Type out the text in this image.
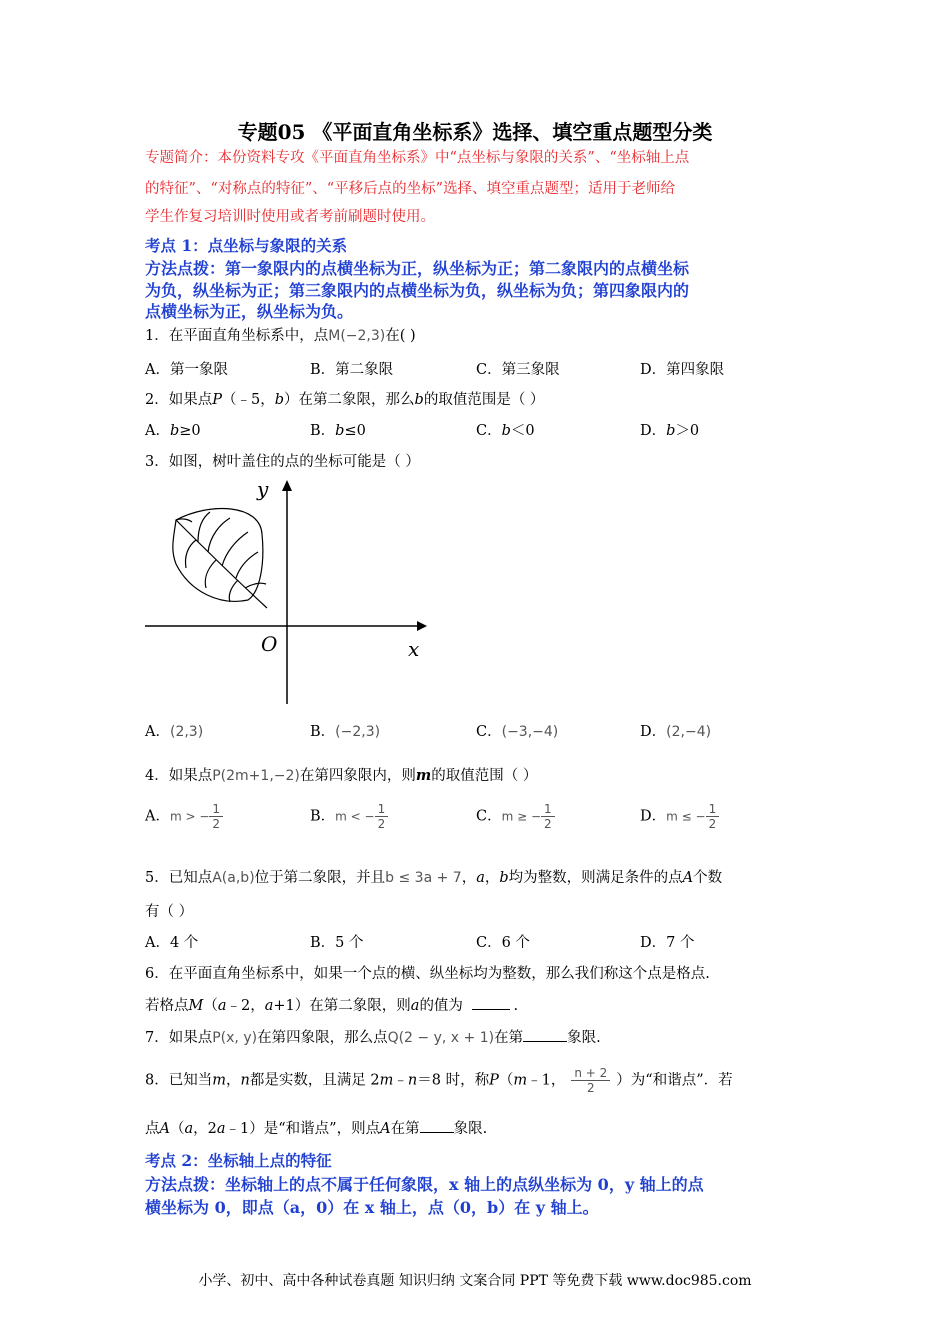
专题05 《平面直角坐标系》选择、填空重点题型分类
专题简介：本份资料专攻《平面直角坐标系》中“点坐标与象限的关系”、“坐标轴上点
的特征”、“对称点的特征”、“平移后点的坐标”选择、填空重点题型；适用于老师给
学生作复习培训时使用或者考前刷题时使用。
考点 1：点坐标与象限的关系
方法点拨：第一象限内的点横坐标为正，纵坐标为正；第二象限内的点横坐标
为负，纵坐标为正；第三象限内的点横坐标为负，纵坐标为负；第四象限内的
点横坐标为正，纵坐标为负。
1．在平面直角坐标系中，点M(−2,3)在( )
A．第一象限	B．第二象限	C．第三象限	D．第四象限
2．如果点P（﹣5，b）在第二象限，那么b的取值范围是（ ）
A．b≥0	B．b≤0	C．b＜0	D．b＞0
3．如图，树叶盖住的点的坐标可能是（ ）
y
x
O
A．(2,3)	B．(−2,3)	C．(−3,−4)	D．(2,−4)
4．如果点P(2m+1,−2)在第四象限内，则m的取值范围（ ）
A．m > − $\frac{1}{2}$	B．m < − $\frac{1}{2}$	C．m ≥ − $\frac{1}{2}$	D．m ≤ − $\frac{1}{2}$
5．已知点A(a,b)位于第二象限，并且b ≤ 3a + 7，a，b均为整数，则满足条件的点A个数
有（ ）
A．4 个	B．5 个	C．6 个	D．7 个
6．在平面直角坐标系中，如果一个点的横、纵坐标均为整数，那么我们称这个点是格点.
若格点M（a﹣2，a+1）在第二象限，则a的值为	.
7．如果点P(x, y)在第四象限，那么点Q(2 − y, x + 1)在第	象限.
8．已知当m，n都是实数，且满足 2m﹣n＝8 时，称P（m﹣1， $\frac{n + 2}{2}$ ）为“和谐点”．若
点A（a，2a﹣1）是“和谐点”，则点A在第 象限.
考点 2：坐标轴上点的特征
方法点拨：坐标轴上的点不属于任何象限，x 轴上的点纵坐标为 0，y 轴上的点
横坐标为 0，即点（a，0）在 x 轴上，点（0，b）在 y 轴上。
小学、初中、高中各种试卷真题 知识归纳 文案合同 PPT 等免费下载 www.doc985.com
